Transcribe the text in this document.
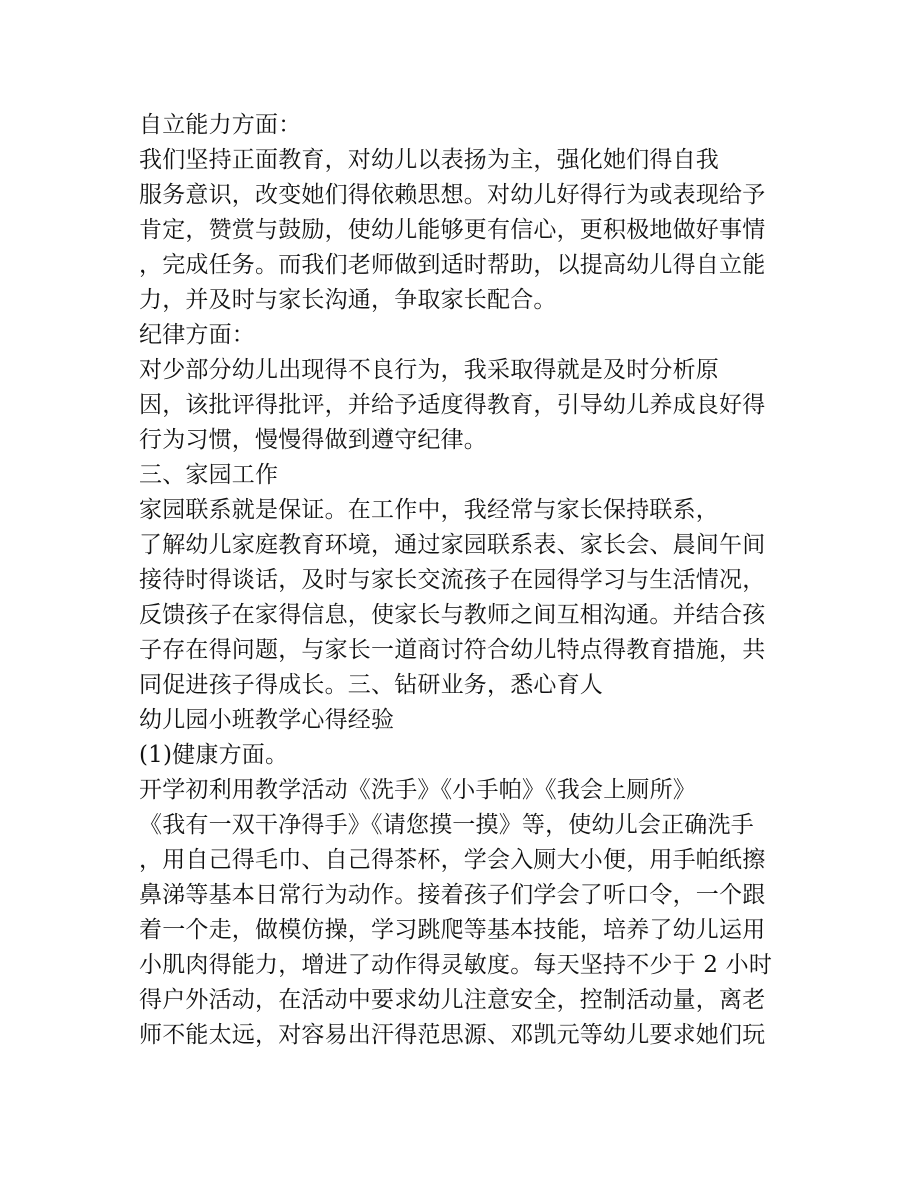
自立能力方面：
我们坚持正面教育，对幼儿以表扬为主，强化她们得自我
服务意识，改变她们得依赖思想。对幼儿好得行为或表现给予
肯定，赞赏与鼓励，使幼儿能够更有信心，更积极地做好事情
，完成任务。而我们老师做到适时帮助，以提高幼儿得自立能
力，并及时与家长沟通，争取家长配合。
纪律方面：
对少部分幼儿出现得不良行为，我采取得就是及时分析原
因，该批评得批评，并给予适度得教育，引导幼儿养成良好得
行为习惯，慢慢得做到遵守纪律。
三、家园工作
家园联系就是保证。在工作中，我经常与家长保持联系，
了解幼儿家庭教育环境，通过家园联系表、家长会、晨间午间
接待时得谈话，及时与家长交流孩子在园得学习与生活情况，
反馈孩子在家得信息，使家长与教师之间互相沟通。并结合孩
子存在得问题，与家长一道商讨符合幼儿特点得教育措施，共
同促进孩子得成长。三、钻研业务，悉心育人
幼儿园小班教学心得经验
(1)健康方面。
开学初利用教学活动《洗手》《小手帕》《我会上厕所》
《我有一双干净得手》《请您摸一摸》等，使幼儿会正确洗手
，用自己得毛巾、自己得茶杯，学会入厕大小便，用手帕纸擦
鼻涕等基本日常行为动作。接着孩子们学会了听口令，一个跟
着一个走，做模仿操，学习跳爬等基本技能，培养了幼儿运用
小肌肉得能力，增进了动作得灵敏度。每天坚持不少于 2 小时
得户外活动，在活动中要求幼儿注意安全，控制活动量，离老
师不能太远，对容易出汗得范思源、邓凯元等幼儿要求她们玩
